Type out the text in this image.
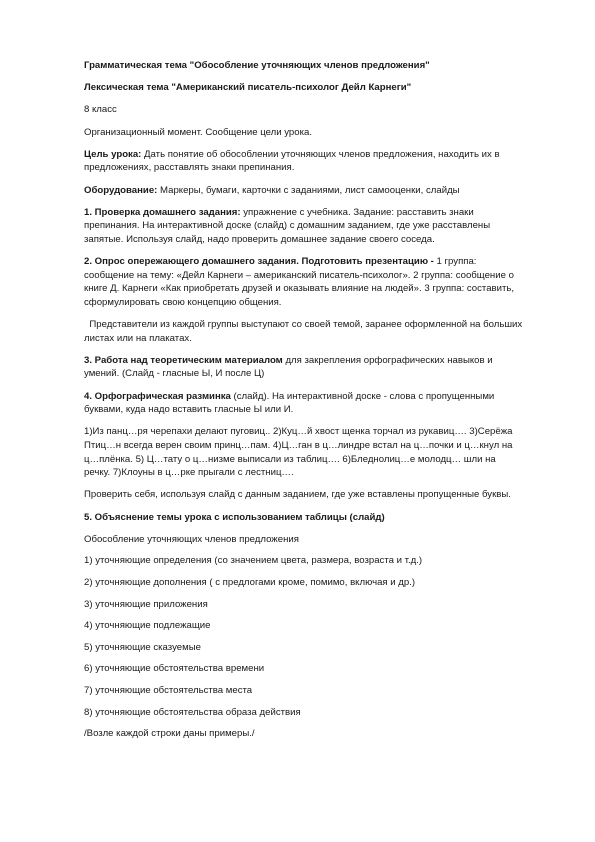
Грамматическая тема "Обособление уточняющих членов предложения"

Лексическая тема "Американский писатель-психолог Дейл Карнеги"

8 класс

Организационный момент. Сообщение цели урока.

Цель урока: Дать понятие об обособлении уточняющих членов предложения, находить их в предложениях, расставлять знаки препинания.

Оборудование: Маркеры, бумаги, карточки с заданиями, лист самооценки, слайды

1. Проверка домашнего задания: упражнение с учебника. Задание: расставить знаки препинания. На интерактивной доске (слайд) с домашним заданием, где уже расставлены запятые. Используя слайд, надо проверить домашнее задание своего соседа.

2. Опрос опережающего домашнего задания. Подготовить презентацию - 1 группа: сообщение на тему: «Дейл Карнеги – американский писатель-психолог». 2 группа: сообщение о книге Д. Карнеги «Как приобретать друзей и оказывать влияние на людей». 3 группа: составить, сформулировать свою концепцию общения.

Представители из каждой группы выступают со своей темой, заранее оформленной на больших  листах или на плакатах.

3. Работа над теоретическим материалом для закрепления орфографических навыков и умений. (Слайд - гласные Ы, И после Ц)

4. Орфографическая разминка (слайд). На интерактивной доске - слова с пропущенными буквами, куда надо вставить гласные Ы или И.

1)Из панц…ря черепахи делают пуговиц.. 2)Куц…й хвост щенка торчал из рукавиц…. 3)Серёжа Птиц…н всегда верен своим принц…пам. 4)Ц…ган в ц…линдре встал на ц…почки и ц…кнул на ц…плёнка. 5) Ц…тату о ц…низме выписали из таблиц…. 6)Бледнолиц…е молодц… шли на речку. 7)Клоуны в ц…рке прыгали с лестниц….

Проверить себя, используя слайд с данным заданием, где уже вставлены пропущенные буквы.

5. Объяснение темы урока с использованием таблицы (слайд)

Обособление уточняющих членов предложения

1) уточняющие определения (со значением цвета, размера, возраста и т.д.)

2) уточняющие дополнения ( с предлогами кроме, помимо, включая и др.)

3) уточняющие приложения

4) уточняющие подлежащие

5) уточняющие сказуемые

6) уточняющие обстоятельства времени

7) уточняющие обстоятельства места

8) уточняющие обстоятельства образа действия

/Возле каждой строки даны примеры./
